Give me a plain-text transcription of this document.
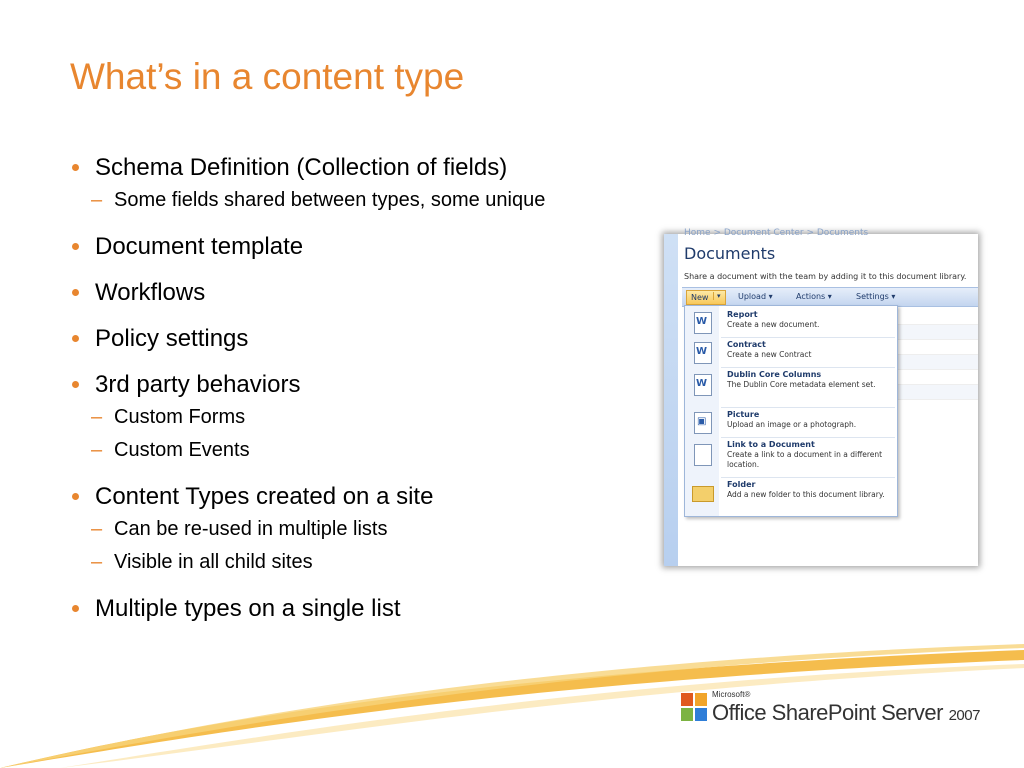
What’s in a content type
Schema Definition (Collection of fields)
– Some fields shared between types, some unique
Document template
Workflows
Policy settings
3rd party behaviors
– Custom Forms
– Custom Events
Content Types created on a site
– Can be re-used in multiple lists
– Visible in all child sites
Multiple types on a single list
Home > Document Center > Documents
Documents
Share a document with the team by adding it to this document library.
New	▾ Upload ▾	Actions ▾	Settings ▾
W
Report
Create a new document.
W
Contract
Create a new Contract
W
Dublin Core Columns
The Dublin Core metadata element set.
▣
Picture
Upload an image or a photograph.
Link to a Document
Create a link to a document in a different location.
Folder
Add a new folder to this document library.
Microsoft®
Office SharePoint Server 2007
